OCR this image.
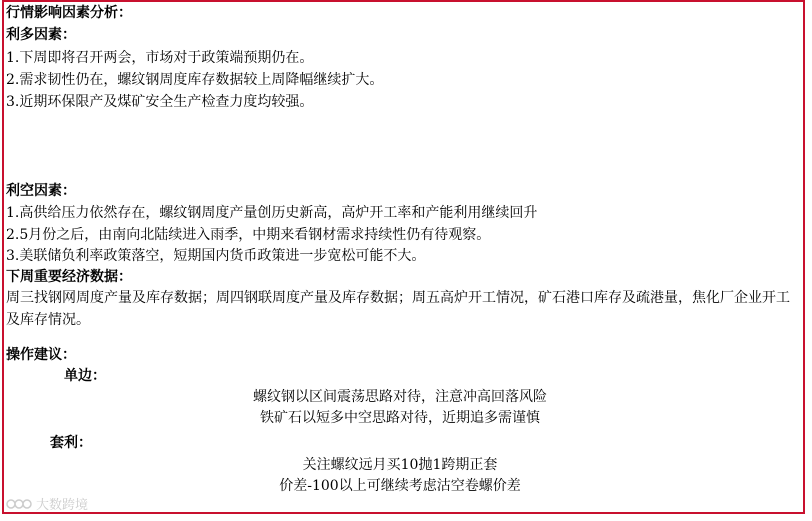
行情影响因素分析：
利多因素：
1.下周即将召开两会，市场对于政策端预期仍在。
2.需求韧性仍在，螺纹钢周度库存数据较上周降幅继续扩大。
3.近期环保限产及煤矿安全生产检查力度均较强。
利空因素：
1.高供给压力依然存在，螺纹钢周度产量创历史新高，高炉开工率和产能利用继续回升
2.5月份之后，由南向北陆续进入雨季，中期来看钢材需求持续性仍有待观察。
3.美联储负利率政策落空，短期国内货币政策进一步宽松可能不大。
下周重要经济数据：
周三找钢网周度产量及库存数据；周四钢联周度产量及库存数据；周五高炉开工情况，矿石港口库存及疏港量，焦化厂企业开工及库存情况。
操作建议：
单边：
螺纹钢以区间震荡思路对待，注意冲高回落风险
铁矿石以短多中空思路对待，近期追多需谨慎
套利：
关注螺纹远月买10抛1跨期正套
价差-100以上可继续考虑沽空卷螺价差
大数跨境
